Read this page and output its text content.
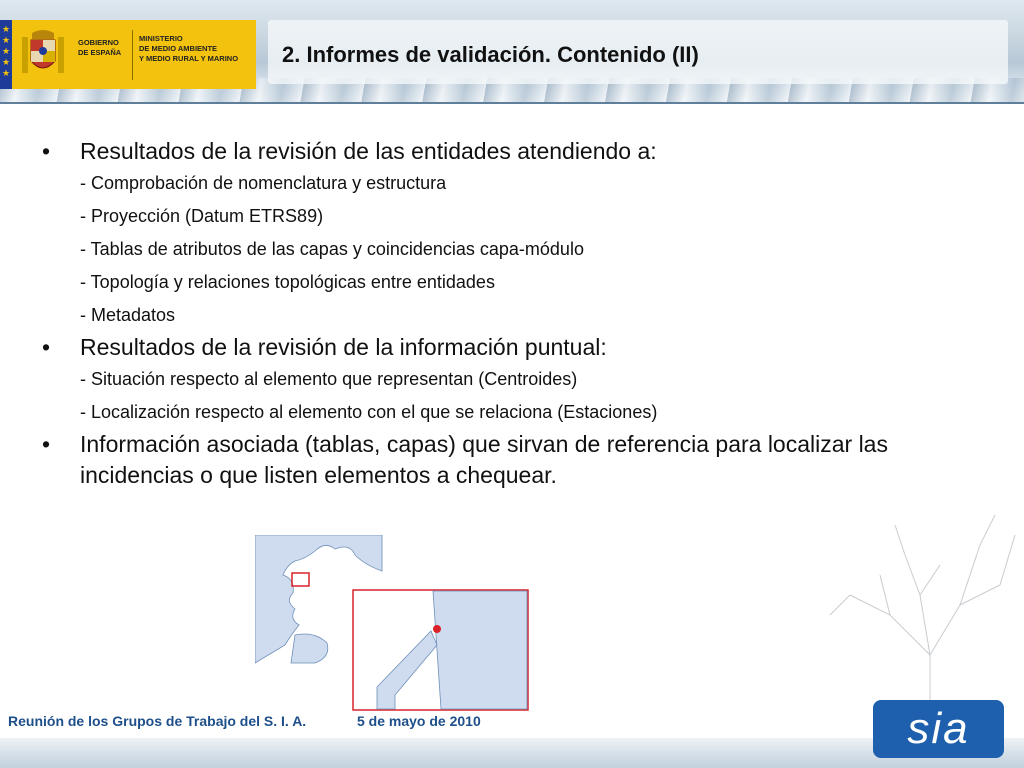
★
★
★
★
★
GOBIERNO
DE ESPAÑA
MINISTERIO
DE MEDIO AMBIENTE
Y MEDIO RURAL Y MARINO	2. Informes de validación. Contenido (II)
• Resultados de la revisión de las entidades atendiendo a:
- Comprobación de nomenclatura y estructura
- Proyección (Datum ETRS89)
- Tablas de atributos de las capas y coincidencias capa-módulo
- Topología y relaciones topológicas entre entidades
- Metadatos
• Resultados de la revisión de la información puntual:
- Situación respecto al elemento que representan (Centroides)
- Localización respecto al elemento con el que se relaciona (Estaciones)
• Información asociada (tablas, capas) que sirvan de referencia para localizar las incidencias o que listen elementos a chequear.
Reunión de los Grupos de Trabajo del S. I. A.	5 de mayo de 2010	sia
